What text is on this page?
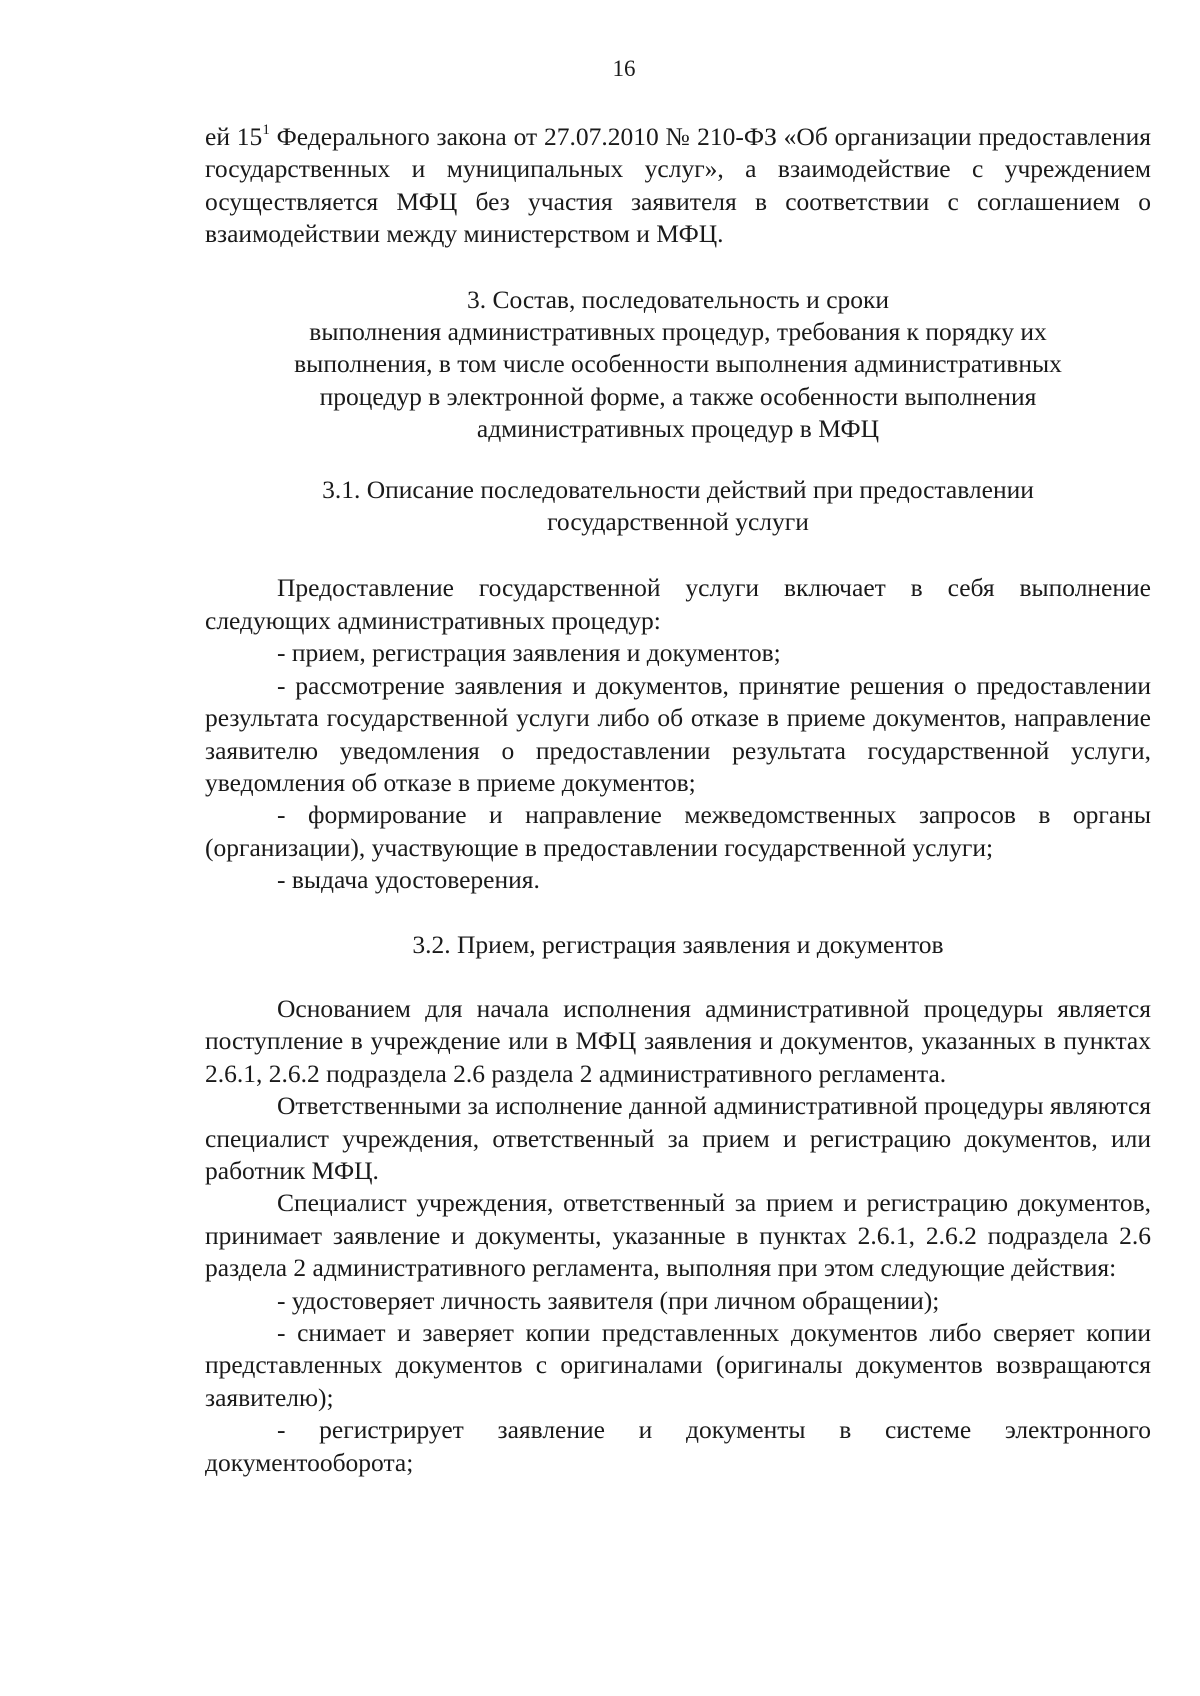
16

ей $15^1$ Федерального закона от 27.07.2010 № 210-ФЗ «Об организации предоставления государственных и муниципальных услуг», а взаимодействие с учреждением осуществляется МФЦ без участия заявителя в соответствии с соглашением о взаимодействии между министерством и МФЦ.

3. Состав, последовательность и сроки

выполнения административных процедур, требования к порядку их

выполнения, в том числе особенности выполнения административных

процедур в электронной форме, а также особенности выполнения

административных процедур в МФЦ

3.1. Описание последовательности действий при предоставлении

государственной услуги

Предоставление государственной услуги включает в себя выполнение следующих административных процедур:

- прием, регистрация заявления и документов;

- рассмотрение заявления и документов, принятие решения о предоставлении результата государственной услуги либо об отказе в приеме документов, направление заявителю уведомления о предоставлении результата государственной услуги, уведомления об отказе в приеме документов;

- формирование и направление межведомственных запросов в органы (организации), участвующие в предоставлении государственной услуги;

- выдача удостоверения.

3.2. Прием, регистрация заявления и документов

Основанием для начала исполнения административной процедуры является поступление в учреждение или в МФЦ заявления и документов, указанных в пунктах 2.6.1, 2.6.2 подраздела 2.6 раздела 2 административного регламента.

Ответственными за исполнение данной административной процедуры являются специалист учреждения, ответственный за прием и регистрацию документов, или работник МФЦ.

Специалист учреждения, ответственный за прием и регистрацию документов, принимает заявление и документы, указанные в пунктах 2.6.1, 2.6.2 подраздела 2.6 раздела 2 административного регламента, выполняя при этом следующие действия:

- удостоверяет личность заявителя (при личном обращении);

- снимает и заверяет копии представленных документов либо сверяет копии представленных документов с оригиналами (оригиналы документов возвращаются заявителю);

- регистрирует заявление и документы в системе электронного документооборота;
